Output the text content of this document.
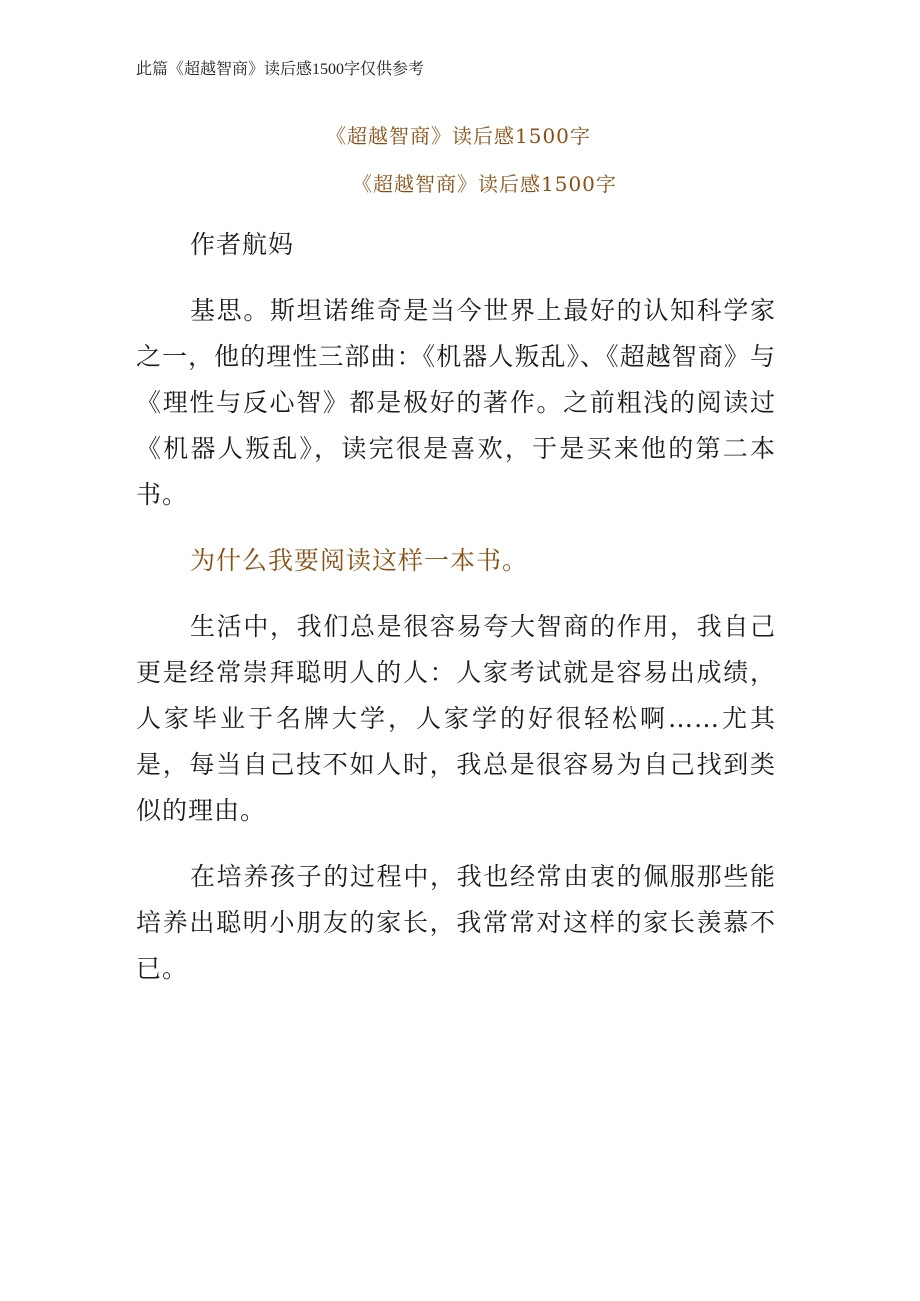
此篇《超越智商》读后感1500字仅供参考
《超越智商》读后感1500字
《超越智商》读后感1500字

作者航妈

基思。斯坦诺维奇是当今世界上最好的认知科学家之一，他的理性三部曲：《机器人叛乱》、《超越智商》与《理性与反心智》都是极好的著作。之前粗浅的阅读过《机器人叛乱》，读完很是喜欢，于是买来他的第二本书。

为什么我要阅读这样一本书。

生活中，我们总是很容易夸大智商的作用，我自己更是经常崇拜聪明人的人：人家考试就是容易出成绩，人家毕业于名牌大学，人家学的好很轻松啊……尤其是，每当自己技不如人时，我总是很容易为自己找到类似的理由。

在培养孩子的过程中，我也经常由衷的佩服那些能培养出聪明小朋友的家长，我常常对这样的家长羡慕不已。
